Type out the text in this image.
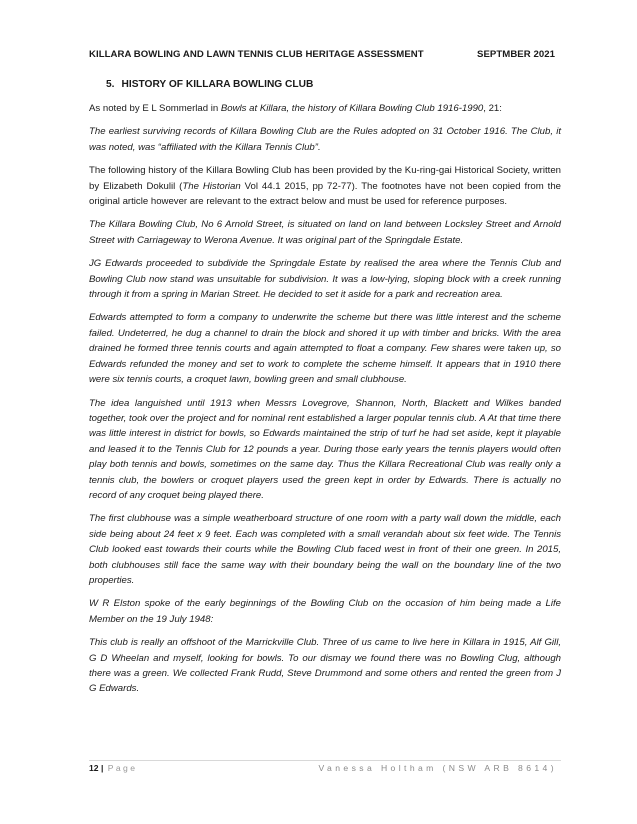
KILLARA BOWLING AND LAWN TENNIS CLUB HERITAGE ASSESSMENT	SEPTMBER 2021
5. HISTORY OF KILLARA BOWLING CLUB

As noted by E L Sommerlad in Bowls at Killara, the history of Killara Bowling Club 1916-1990, 21:

The earliest surviving records of Killara Bowling Club are the Rules adopted on 31 October 1916. The Club, it was noted, was “affiliated with the Killara Tennis Club”.

The following history of the Killara Bowling Club has been provided by the Ku-ring-gai Historical Society, written by Elizabeth Dokulil (The Historian Vol 44.1 2015, pp 72-77). The footnotes have not been copied from the original article however are relevant to the extract below and must be used for reference purposes.

The Killara Bowling Club, No 6 Arnold Street, is situated on land on land between Locksley Street and Arnold Street with Carriageway to Werona Avenue. It was original part of the Springdale Estate.

JG Edwards proceeded to subdivide the Springdale Estate by realised the area where the Tennis Club and Bowling Club now stand was unsuitable for subdivision. It was a low-lying, sloping block with a creek running through it from a spring in Marian Street. He decided to set it aside for a park and recreation area.

Edwards attempted to form a company to underwrite the scheme but there was little interest and the scheme failed. Undeterred, he dug a channel to drain the block and shored it up with timber and bricks. With the area drained he formed three tennis courts and again attempted to float a company. Few shares were taken up, so Edwards refunded the money and set to work to complete the scheme himself. It appears that in 1910 there were six tennis courts, a croquet lawn, bowling green and small clubhouse.

The idea languished until 1913 when Messrs Lovegrove, Shannon, North, Blackett and Wilkes banded together, took over the project and for nominal rent established a larger popular tennis club. A At that time there was little interest in district for bowls, so Edwards maintained the strip of turf he had set aside, kept it playable and leased it to the Tennis Club for 12 pounds a year. During those early years the tennis players would often play both tennis and bowls, sometimes on the same day. Thus the Killara Recreational Club was really only a tennis club, the bowlers or croquet players used the green kept in order by Edwards. There is actually no record of any croquet being played there.

The first clubhouse was a simple weatherboard structure of one room with a party wall down the middle, each side being about 24 feet x 9 feet. Each was completed with a small verandah about six feet wide. The Tennis Club looked east towards their courts while the Bowling Club faced west in front of their one green. In 2015, both clubhouses still face the same way with their boundary being the wall on the boundary line of the two properties.

W R Elston spoke of the early beginnings of the Bowling Club on the occasion of him being made a Life Member on the 19 July 1948:

This club is really an offshoot of the Marrickville Club. Three of us came to live here in Killara in 1915, Alf Gill, G D Wheelan and myself, looking for bowls. To our dismay we found there was no Bowling Clug, although there was a green. We collected Frank Rudd, Steve Drummond and some others and rented the green from J G Edwards.

12 | Page	Vanessa Holtham (NSW ARB 8614)
